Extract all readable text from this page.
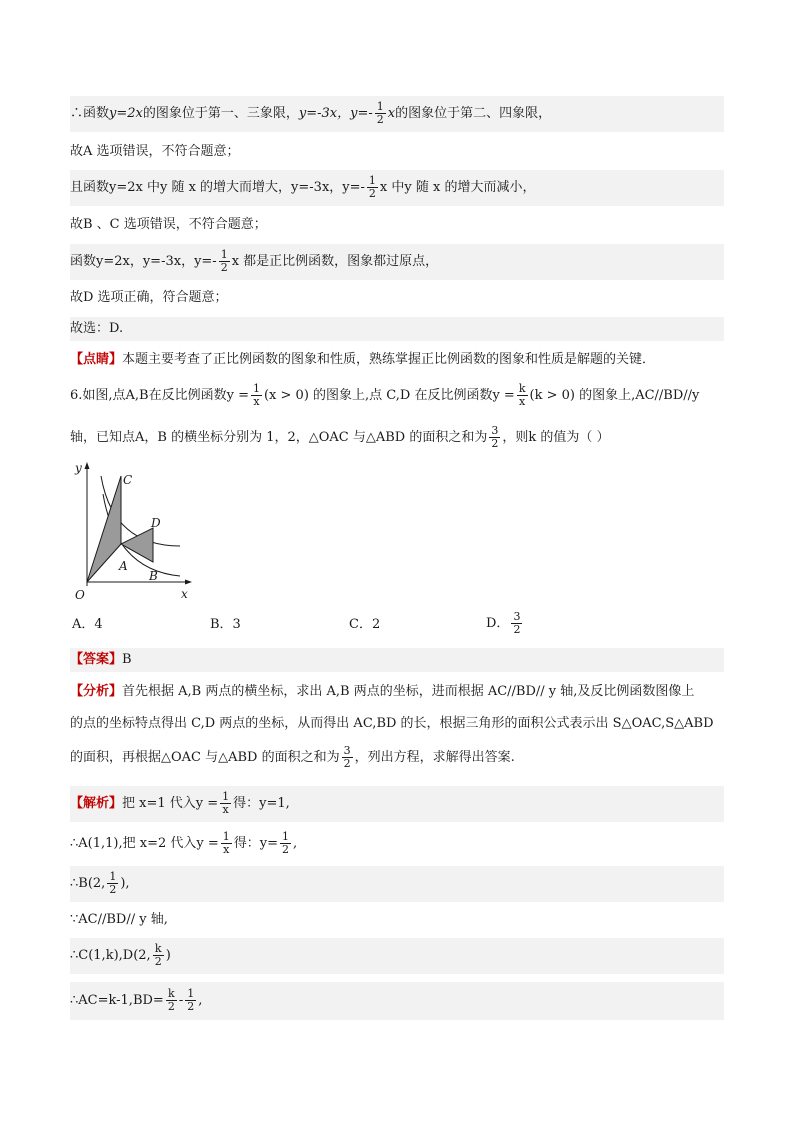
∴函数y=2x的图象位于第一、三象限，y=-3x，$y=- \frac{1}{2}$ x的图象位于第二、四象限，
故A 选项错误，不符合题意；
且函数y=2x 中y 随 x 的增大而增大，y=-3x，$y=- \frac{1}{2}$ x 中y 随 x 的增大而减小，
故B 、C 选项错误，不符合题意；
函数y=2x，y=-3x，$y=- \frac{1}{2}$ x 都是正比例函数，图象都过原点，
故D 选项正确，符合题意；
故选：D.
【点睛】本题主要考查了正比例函数的图象和性质，熟练掌握正比例函数的图象和性质是解题的关键．
6.如图,点A,B在反比例函数$y = \frac{1}{x} (x > 0)$ 的图象上,点 C,D 在反比例函数$y = \frac{k}{x} (k > 0)$ 的图象上,AC//BD//y
轴，已知点A，B 的横坐标分别为 1，2，△OAC 与△ABD 的面积之和为 $\frac{3}{2}$ ，则k 的值为（ ）
y
C
D
A
B
O	x
A．4	B．3	C．2	D． $\frac{3}{2}$
【答案】B
【分析】首先根据 A,B 两点的横坐标，求出 A,B 两点的坐标，进而根据 AC//BD// y 轴,及反比例函数图像上
的点的坐标特点得出 C,D 两点的坐标，从而得出 AC,BD 的长，根据三角形的面积公式表示出 S△OAC,S△ABD
的面积，再根据△OAC 与△ABD 的面积之和为 $\frac{3}{2}$ ，列出方程，求解得出答案.
【解析】把 x=1 代入$y = \frac{1}{x}$ 得：y=1,
∴A(1,1),把 x=2 代入$y = \frac{1}{x}$ 得：$y= \frac{1}{2}$ ,
∴B(2, $\frac{1}{2}$ ),
∵AC//BD// y 轴,
∴C(1,k),D(2, $\frac{k}{2}$ )
∴AC=k-1,BD= $\frac{k}{2} - \frac{1}{2}$ ,
